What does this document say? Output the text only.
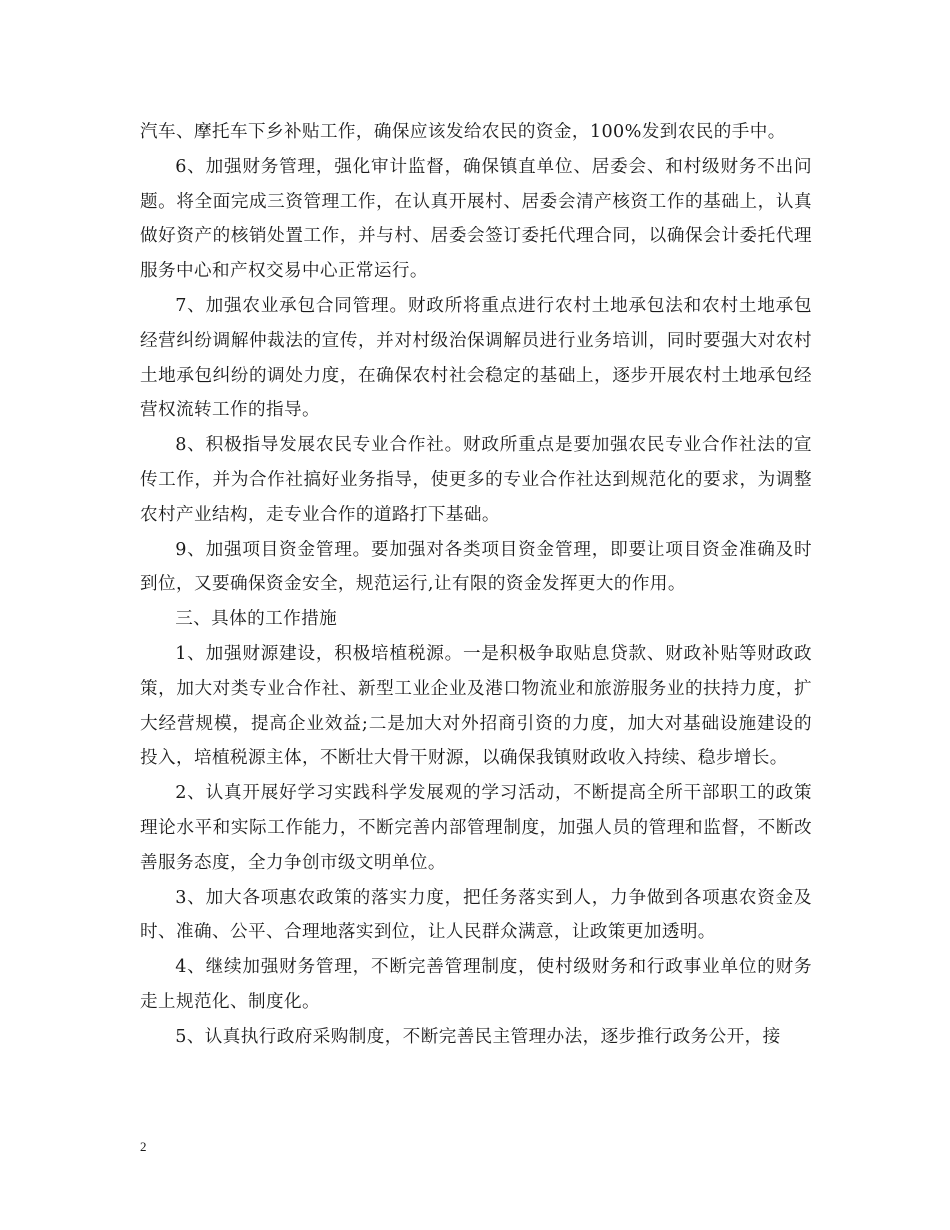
汽车、摩托车下乡补贴工作，确保应该发给农民的资金，100%发到农民的手中。

6、加强财务管理，强化审计监督，确保镇直单位、居委会、和村级财务不出问题。将全面完成三资管理工作，在认真开展村、居委会清产核资工作的基础上，认真做好资产的核销处置工作，并与村、居委会签订委托代理合同，以确保会计委托代理服务中心和产权交易中心正常运行。

7、加强农业承包合同管理。财政所将重点进行农村土地承包法和农村土地承包经营纠纷调解仲裁法的宣传，并对村级治保调解员进行业务培训，同时要强大对农村土地承包纠纷的调处力度，在确保农村社会稳定的基础上，逐步开展农村土地承包经营权流转工作的指导。

8、积极指导发展农民专业合作社。财政所重点是要加强农民专业合作社法的宣传工作，并为合作社搞好业务指导，使更多的专业合作社达到规范化的要求，为调整农村产业结构，走专业合作的道路打下基础。

9、加强项目资金管理。要加强对各类项目资金管理，即要让项目资金准确及时到位，又要确保资金安全，规范运行,让有限的资金发挥更大的作用。

三、具体的工作措施

1、加强财源建设，积极培植税源。一是积极争取贴息贷款、财政补贴等财政政策，加大对类专业合作社、新型工业企业及港口物流业和旅游服务业的扶持力度，扩大经营规模，提高企业效益;二是加大对外招商引资的力度，加大对基础设施建设的投入，培植税源主体，不断壮大骨干财源，以确保我镇财政收入持续、稳步增长。

2、认真开展好学习实践科学发展观的学习活动，不断提高全所干部职工的政策理论水平和实际工作能力，不断完善内部管理制度，加强人员的管理和监督，不断改善服务态度，全力争创市级文明单位。

3、加大各项惠农政策的落实力度，把任务落实到人，力争做到各项惠农资金及时、准确、公平、合理地落实到位，让人民群众满意，让政策更加透明。

4、继续加强财务管理，不断完善管理制度，使村级财务和行政事业单位的财务走上规范化、制度化。

5、认真执行政府采购制度，不断完善民主管理办法，逐步推行政务公开，接

2
